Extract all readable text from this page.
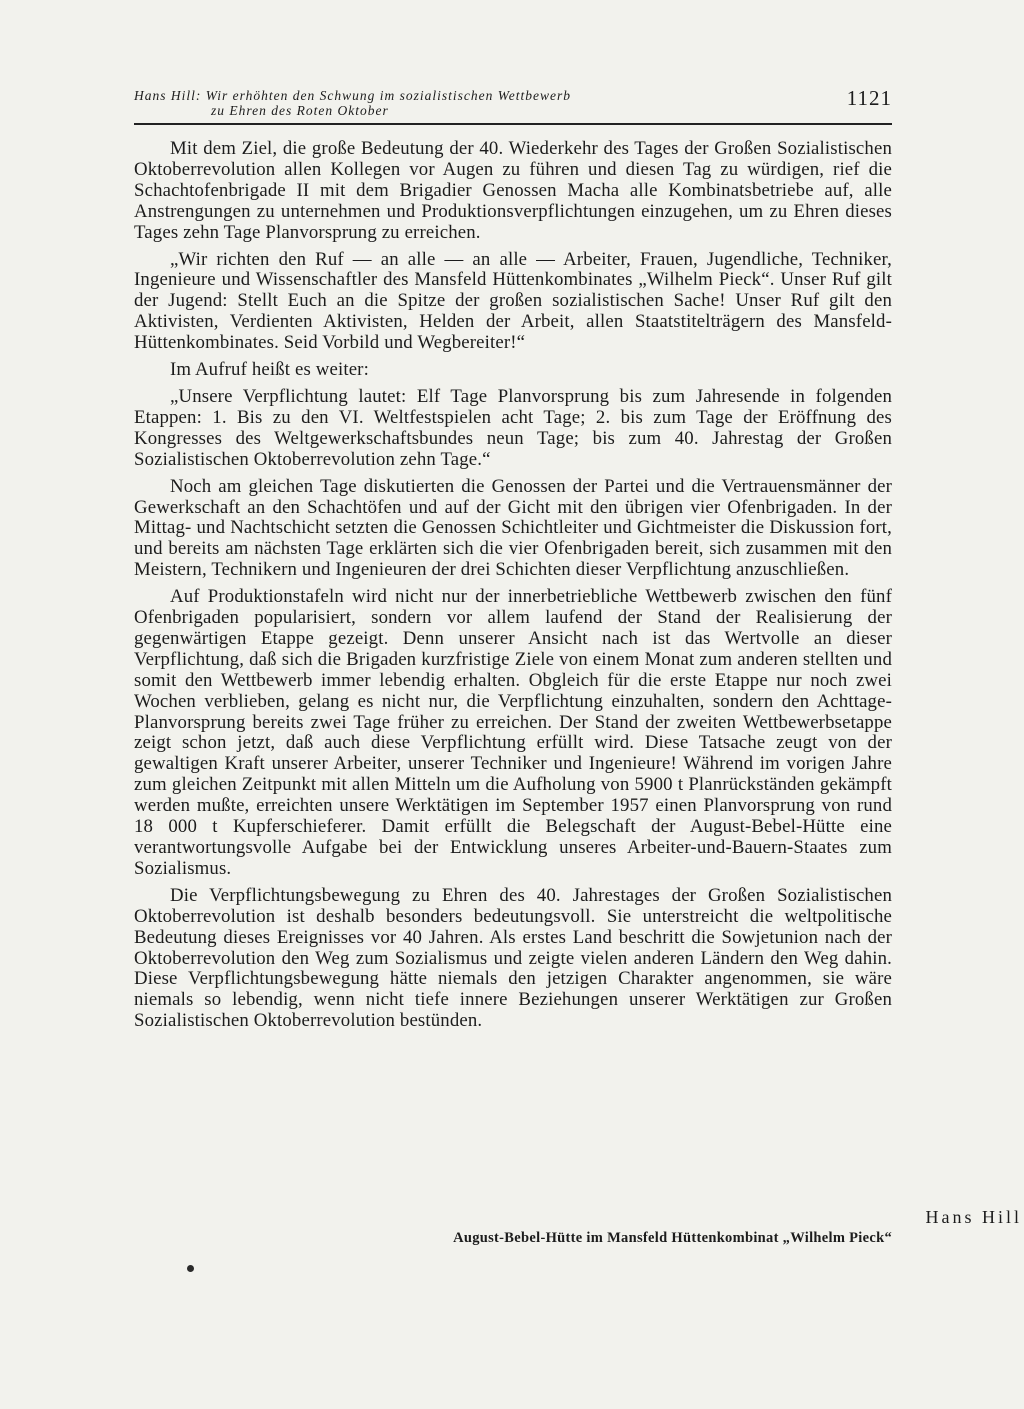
Hans Hill: Wir erhöhten den Schwung im sozialistischen Wettbewerb
zu Ehren des Roten Oktober
1121

Mit dem Ziel, die große Bedeutung der 40. Wiederkehr des Tages der Großen Sozialistischen Oktoberrevolution allen Kollegen vor Augen zu führen und diesen Tag zu würdigen, rief die Schachtofenbrigade II mit dem Brigadier Genossen Macha alle Kombinatsbetriebe auf, alle Anstrengungen zu unternehmen und Produktionsverpflichtungen einzugehen, um zu Ehren dieses Tages zehn Tage Planvorsprung zu erreichen.

„Wir richten den Ruf — an alle — an alle — Arbeiter, Frauen, Jugendliche, Techniker, Ingenieure und Wissenschaftler des Mansfeld Hüttenkombinates „Wilhelm Pieck“. Unser Ruf gilt der Jugend: Stellt Euch an die Spitze der großen sozialistischen Sache! Unser Ruf gilt den Aktivisten, Verdienten Aktivisten, Helden der Arbeit, allen Staatstitelträgern des Mansfeld-Hüttenkombinates. Seid Vorbild und Wegbereiter!“

Im Aufruf heißt es weiter:

„Unsere Verpflichtung lautet: Elf Tage Planvorsprung bis zum Jahresende in folgenden Etappen: 1. Bis zu den VI. Weltfestspielen acht Tage; 2. bis zum Tage der Eröffnung des Kongresses des Weltgewerkschaftsbundes neun Tage; bis zum 40. Jahrestag der Großen Sozialistischen Oktoberrevolution zehn Tage.“

Noch am gleichen Tage diskutierten die Genossen der Partei und die Vertrauensmänner der Gewerkschaft an den Schachtöfen und auf der Gicht mit den übrigen vier Ofenbrigaden. In der Mittag- und Nachtschicht setzten die Genossen Schichtleiter und Gichtmeister die Diskussion fort, und bereits am nächsten Tage erklärten sich die vier Ofenbrigaden bereit, sich zusammen mit den Meistern, Technikern und Ingenieuren der drei Schichten dieser Verpflichtung anzuschließen.

Auf Produktionstafeln wird nicht nur der innerbetriebliche Wettbewerb zwischen den fünf Ofenbrigaden popularisiert, sondern vor allem laufend der Stand der Realisierung der gegenwärtigen Etappe gezeigt. Denn unserer Ansicht nach ist das Wertvolle an dieser Verpflichtung, daß sich die Brigaden kurzfristige Ziele von einem Monat zum anderen stellten und somit den Wettbewerb immer lebendig erhalten. Obgleich für die erste Etappe nur noch zwei Wochen verblieben, gelang es nicht nur, die Verpflichtung einzuhalten, sondern den Achttage-Planvorsprung bereits zwei Tage früher zu erreichen. Der Stand der zweiten Wettbewerbsetappe zeigt schon jetzt, daß auch diese Verpflichtung erfüllt wird. Diese Tatsache zeugt von der gewaltigen Kraft unserer Arbeiter, unserer Techniker und Ingenieure! Während im vorigen Jahre zum gleichen Zeitpunkt mit allen Mitteln um die Aufholung von 5900 t Planrückständen gekämpft werden mußte, erreichten unsere Werktätigen im September 1957 einen Planvorsprung von rund 18 000 t Kupferschieferer. Damit erfüllt die Belegschaft der August-Bebel-Hütte eine verantwortungsvolle Aufgabe bei der Entwicklung unseres Arbeiter-und-Bauern-Staates zum Sozialismus.

Die Verpflichtungsbewegung zu Ehren des 40. Jahrestages der Großen Sozialistischen Oktoberrevolution ist deshalb besonders bedeutungsvoll. Sie unterstreicht die weltpolitische Bedeutung dieses Ereignisses vor 40 Jahren. Als erstes Land beschritt die Sowjetunion nach der Oktoberrevolution den Weg zum Sozialismus und zeigte vielen anderen Ländern den Weg dahin. Diese Verpflichtungsbewegung hätte niemals den jetzigen Charakter angenommen, sie wäre niemals so lebendig, wenn nicht tiefe innere Beziehungen unserer Werktätigen zur Großen Sozialistischen Oktoberrevolution bestünden.

Hans Hill
August-Bebel-Hütte im Mansfeld Hüttenkombinat „Wilhelm Pieck“
